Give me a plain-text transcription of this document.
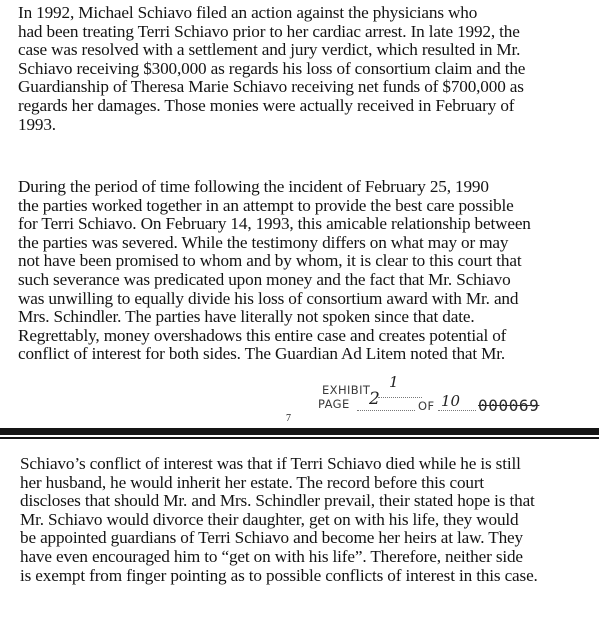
In 1992, Michael Schiavo filed an action against the physicians who
had been treating Terri Schiavo prior to her cardiac arrest. In late 1992, the
case was resolved with a settlement and jury verdict, which resulted in Mr.
Schiavo receiving $300,000 as regards his loss of consortium claim and the
Guardianship of Theresa Marie Schiavo receiving net funds of $700,000 as
regards her damages. Those monies were actually received in February of
1993.

During the period of time following the incident of February 25, 1990
the parties worked together in an attempt to provide the best care possible
for Terri Schiavo. On February 14, 1993, this amicable relationship between
the parties was severed. While the testimony differs on what may or may
not have been promised to whom and by whom, it is clear to this court that
such severance was predicated upon money and the fact that Mr. Schiavo
was unwilling to equally divide his loss of consortium award with Mr. and
Mrs. Schindler. The parties have literally not spoken since that date.
Regrettably, money overshadows this entire case and creates potential of
conflict of interest for both sides. The Guardian Ad Litem noted that Mr.

EXHIBIT 1
PAGE 2	OF 10 000069
7

Schiavo’s conflict of interest was that if Terri Schiavo died while he is still
her husband, he would inherit her estate. The record before this court
discloses that should Mr. and Mrs. Schindler prevail, their stated hope is that
Mr. Schiavo would divorce their daughter, get on with his life, they would
be appointed guardians of Terri Schiavo and become her heirs at law. They
have even encouraged him to “get on with his life”. Therefore, neither side
is exempt from finger pointing as to possible conflicts of interest in this case.
